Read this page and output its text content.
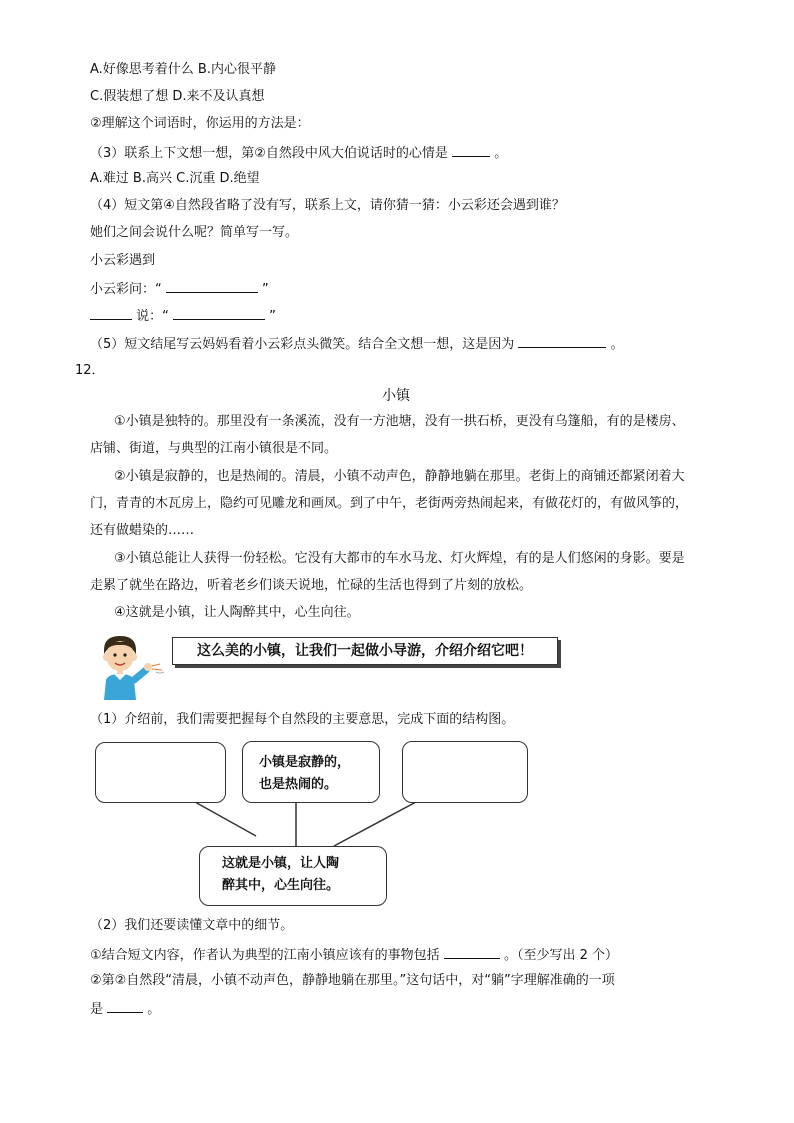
A.好像思考着什么 B.内心很平静
C.假装想了想 D.来不及认真想
②理解这个词语时，你运用的方法是：
（3）联系上下文想一想，第②自然段中风大伯说话时的心情是	。
A.难过 B.高兴 C.沉重 D.绝望
（4）短文第④自然段省略了没有写，联系上文，请你猜一猜：小云彩还会遇到谁？
她们之间会说什么呢？简单写一写。
小云彩遇到
小云彩问：“	”
说：“	”
（5）短文结尾写云妈妈看着小云彩点头微笑。结合全文想一想，这是因为	。
12．
小镇
①小镇是独特的。那里没有一条溪流，没有一方池塘，没有一拱石桥，更没有乌篷船，有的是楼房、
店铺、街道，与典型的江南小镇很是不同。
②小镇是寂静的，也是热闹的。清晨，小镇不动声色，静静地躺在那里。老街上的商铺还都紧闭着大
门，青青的木瓦房上，隐约可见雕龙和画凤。到了中午，老街两旁热闹起来，有做花灯的，有做风筝的，
还有做蜡染的……
③小镇总能让人获得一份轻松。它没有大都市的车水马龙、灯火辉煌，有的是人们悠闲的身影。要是
走累了就坐在路边，听着老乡们谈天说地，忙碌的生活也得到了片刻的放松。
④这就是小镇，让人陶醉其中，心生向往。
这么美的小镇，让我们一起做小导游，介绍介绍它吧！
（1）介绍前，我们需要把握每个自然段的主要意思，完成下面的结构图。
小镇是寂静的，
也是热闹的。
这就是小镇，让人陶
醉其中，心生向往。
（2）我们还要读懂文章中的细节。
①结合短文内容，作者认为典型的江南小镇应该有的事物包括	。（至少写出 2 个）
②第②自然段“清晨，小镇不动声色，静静地躺在那里。”这句话中，对“躺”字理解准确的一项
是	。
